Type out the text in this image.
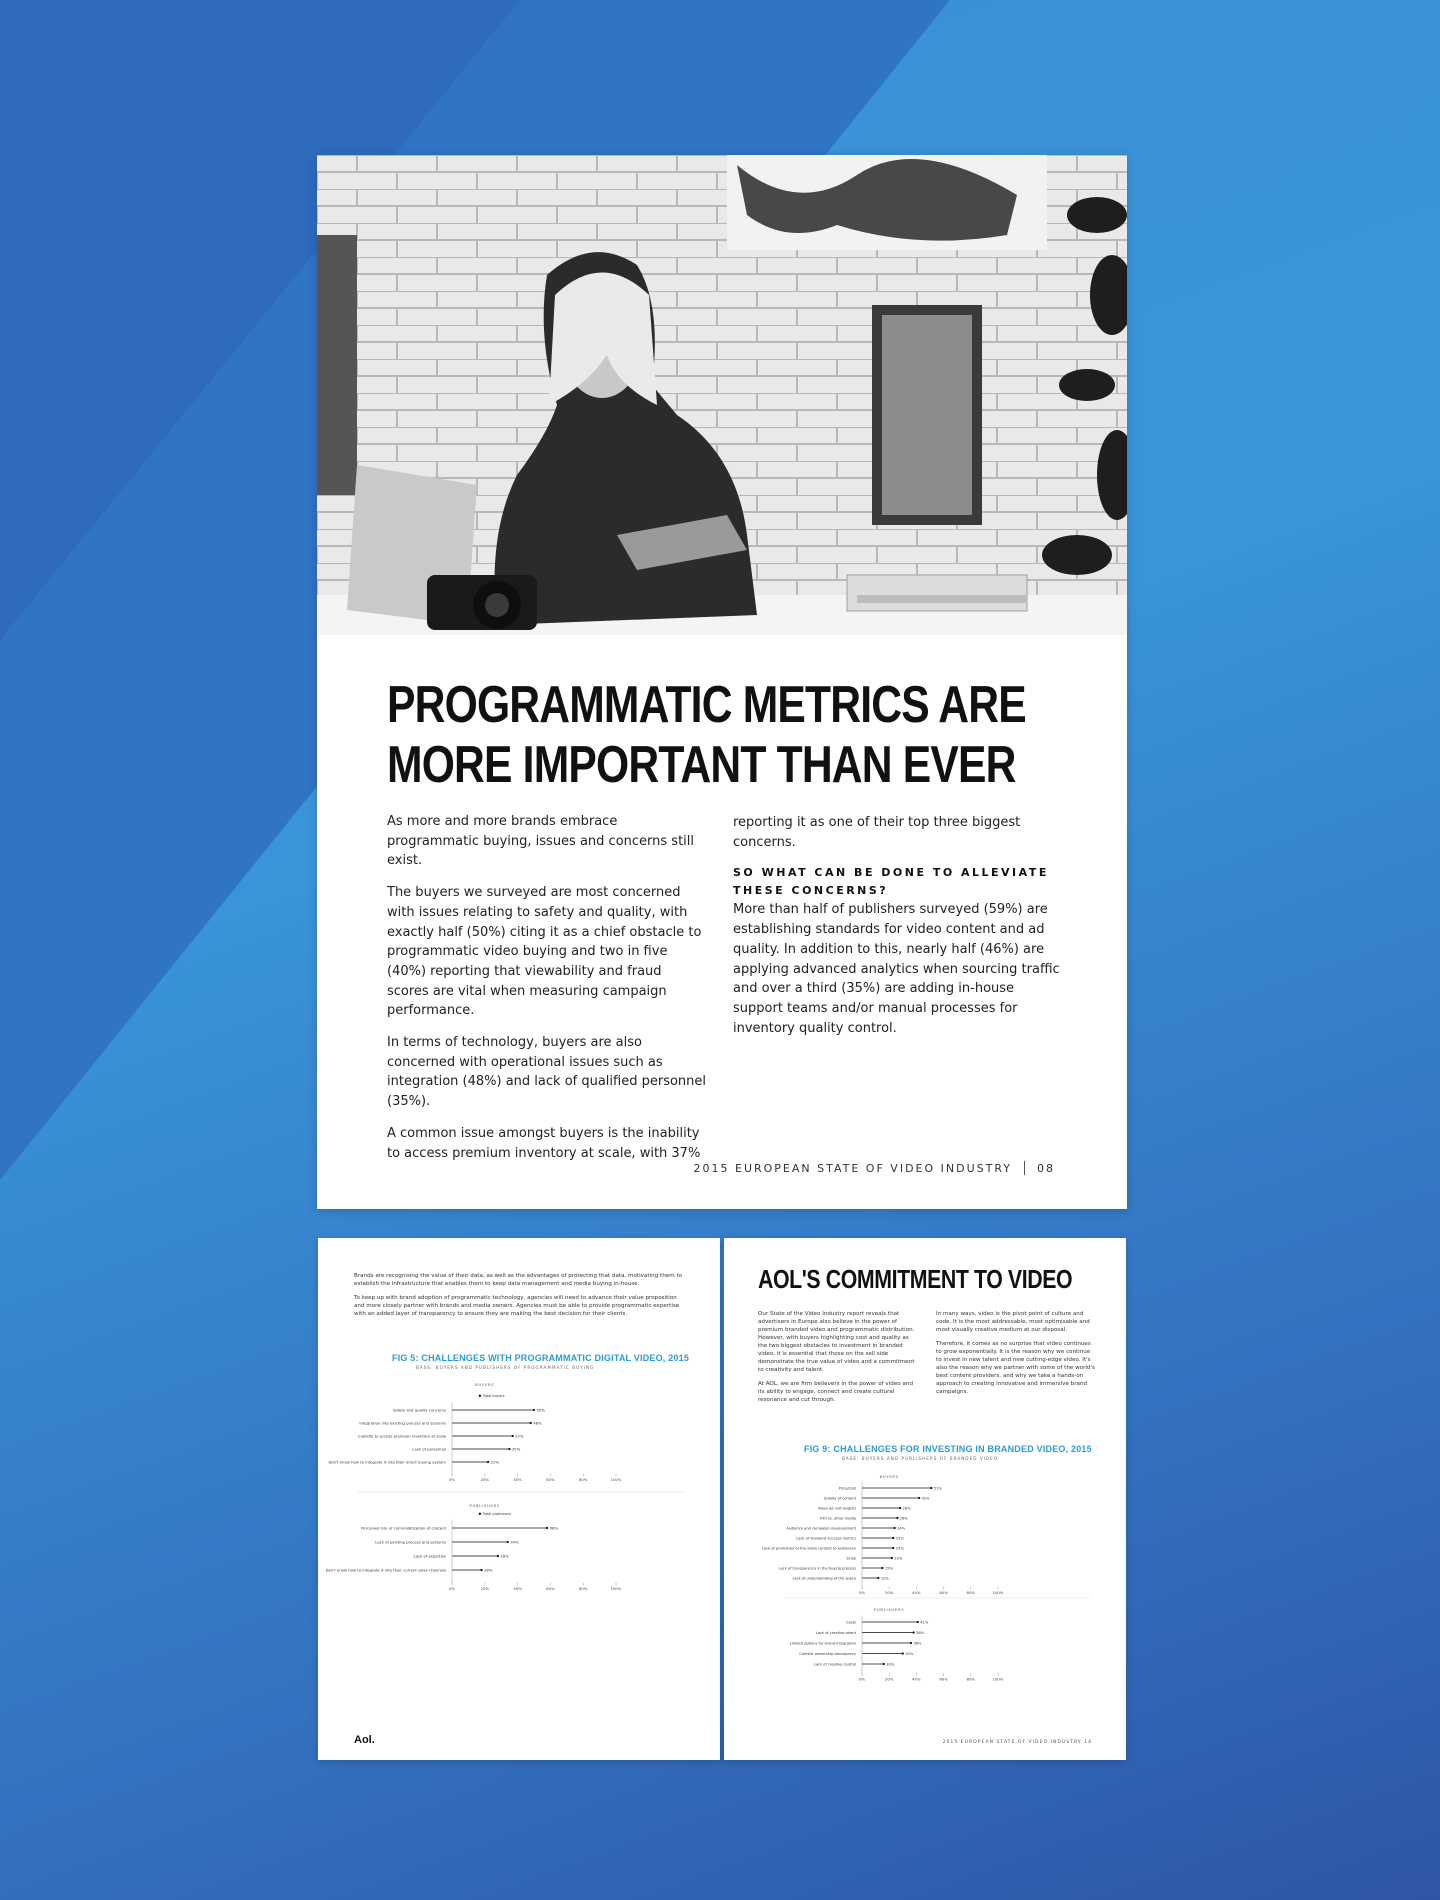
PROGRAMMATIC METRICS ARE
MORE IMPORTANT THAN EVER

As more and more brands embrace programmatic buying, issues and concerns still exist.

The buyers we surveyed are most concerned with issues relating to safety and quality, with exactly half (50%) citing it as a chief obstacle to programmatic video buying and two in five (40%) reporting that viewability and fraud scores are vital when measuring campaign performance.

In terms of technology, buyers are also concerned with operational issues such as integration (48%) and lack of qualified personnel (35%).

A common issue amongst buyers is the inability to access premium inventory at scale, with 37%

reporting it as one of their top three biggest concerns.

SO WHAT CAN BE DONE TO ALLEVIATE THESE CONCERNS?

More than half of publishers surveyed (59%) are establishing standards for video content and ad quality. In addition to this, nearly half (46%) are applying advanced analytics when sourcing traffic and over a third (35%) are adding in-house support teams and/or manual processes for inventory quality control.

2015 EUROPEAN STATE OF VIDEO INDUSTRY 08

Brands are recognising the value of their data, as well as the advantages of protecting that data, motivating them to establish the infrastructure that enables them to keep data management and media buying in-house.

To keep up with brand adoption of programmatic technology, agencies will need to advance their value proposition and more closely partner with brands and media owners. Agencies must be able to provide programmatic expertise with an added layer of transparency to ensure they are making the best decision for their clients.

FIG 5: CHALLENGES WITH PROGRAMMATIC DIGITAL VIDEO, 2015
BASE: BUYERS AND PUBLISHERS OF PROGRAMMATIC BUYING
BUYERS
Total buyers
Safety and quality concerns	50%
Integration into existing process and systems	48%
Inability to access premium inventory at scale	37%
Lack of personnel	35%
Don't know how to integrate it into their direct buying system	22%
0%	20%	40%	60%	80%	100%
PUBLISHERS
Total publishers
Perceived risk of commoditization of content	58%
Lack of existing process and systems	34%
Lack of expertise	28%
Don't know how to integrate it into their current sales channels	18%
0%	20%	40%	60%	80%	100%
Aol.
AOL'S COMMITMENT TO VIDEO

Our State of the Video Industry report reveals that advertisers in Europe also believe in the power of premium branded video and programmatic distribution. However, with buyers highlighting cost and quality as the two biggest obstacles to investment in branded video, it is essential that those on the sell side demonstrate the true value of video and a commitment to creativity and talent.

At AOL, we are firm believers in the power of video and its ability to engage, connect and create cultural resonance and cut through.

In many ways, video is the pivot point of culture and code. It is the most addressable, most optimisable and most visually creative medium at our disposal.

Therefore, it comes as no surprise that video continues to grow exponentially. It is the reason why we continue to invest in new talent and new cutting-edge video. It's also the reason why we partner with some of the world's best content providers, and why we take a hands-on approach to creating innovative and immersive brand campaigns.

FIG 9: CHALLENGES FOR INVESTING IN BRANDED VIDEO, 2015
BASE: BUYERS AND PUBLISHERS OF BRANDED VIDEO
BUYERS
Price/cost	51%
Quality of content	42%
Video ad unit lengths	28%
ROI vs. other media	26%
Audience and campaign measurement	24%
Lack of standard success metrics	23%
Lack of promotion of the video content to audiences	23%
Scale	22%
Lack of transparency in the buying process	15%
Lack of understanding of the space	12%
0%	20%	40%	60%	80%	100%
PUBLISHERS
Costs	41%
Lack of creative talent	38%
Limited options for brand integration	36%
Content ownership discrepancy	30%
Lack of creative control	16%
0%	20%	40%	60%	80%	100%
2015 EUROPEAN STATE OF VIDEO INDUSTRY 14
